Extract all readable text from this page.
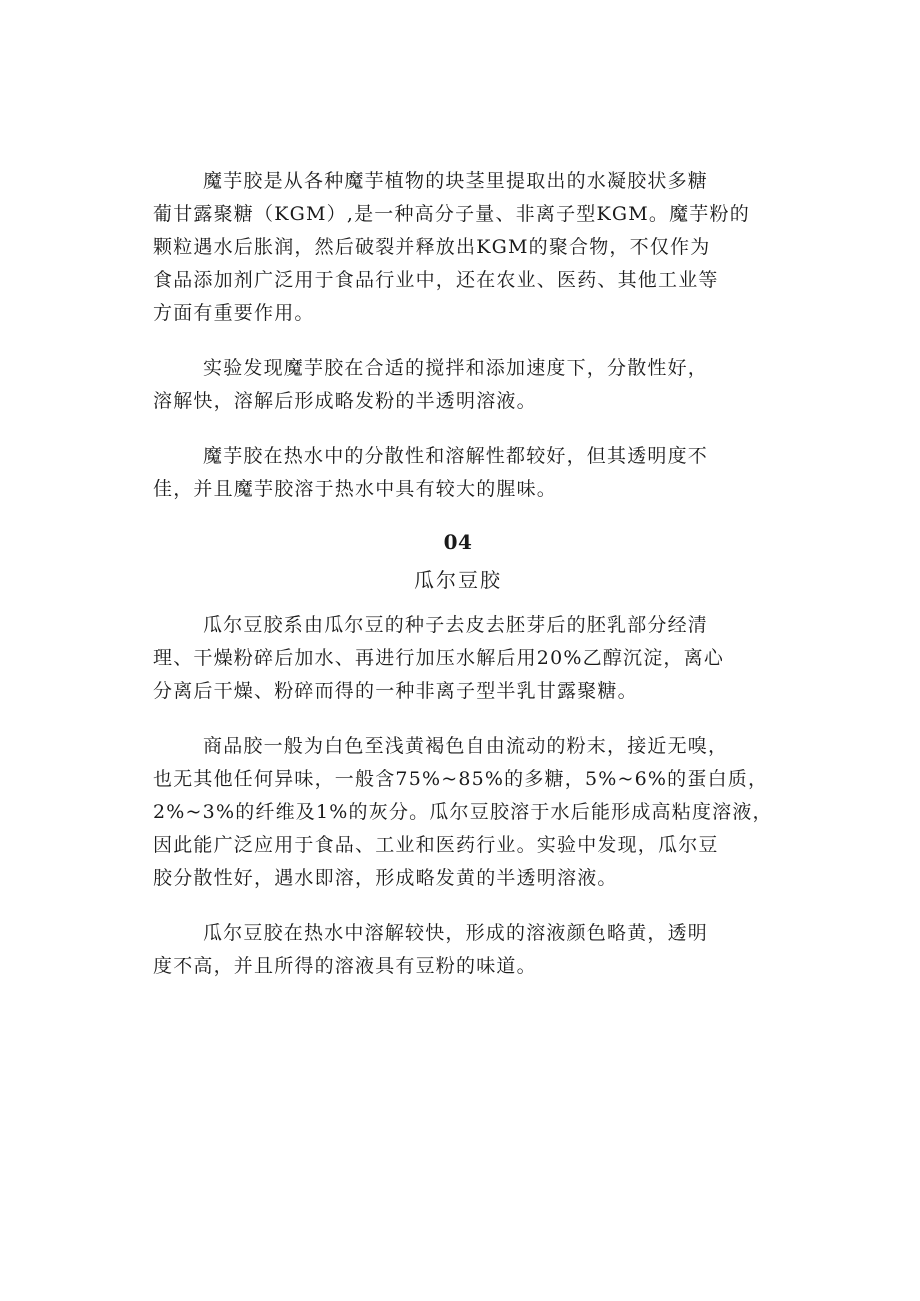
魔芋胶是从各种魔芋植物的块茎里提取出的水凝胶状多糖
葡甘露聚糖（KGM）,是一种高分子量、非离子型KGM。魔芋粉的
颗粒遇水后胀润，然后破裂并释放出KGM的聚合物，不仅作为
食品添加剂广泛用于食品行业中，还在农业、医药、其他工业等
方面有重要作用。

实验发现魔芋胶在合适的搅拌和添加速度下，分散性好，
溶解快，溶解后形成略发粉的半透明溶液。

魔芋胶在热水中的分散性和溶解性都较好，但其透明度不
佳，并且魔芋胶溶于热水中具有较大的腥味。

04
瓜尔豆胶

瓜尔豆胶系由瓜尔豆的种子去皮去胚芽后的胚乳部分经清
理、干燥粉碎后加水、再进行加压水解后用20%乙醇沉淀，离心
分离后干燥、粉碎而得的一种非离子型半乳甘露聚糖。

商品胶一般为白色至浅黄褐色自由流动的粉末，接近无嗅，
也无其他任何异味，一般含75%~85%的多糖，5%~6%的蛋白质，
2%~3%的纤维及1%的灰分。瓜尔豆胶溶于水后能形成高粘度溶液，
因此能广泛应用于食品、工业和医药行业。实验中发现，瓜尔豆
胶分散性好，遇水即溶，形成略发黄的半透明溶液。

瓜尔豆胶在热水中溶解较快，形成的溶液颜色略黄，透明
度不高，并且所得的溶液具有豆粉的味道。
